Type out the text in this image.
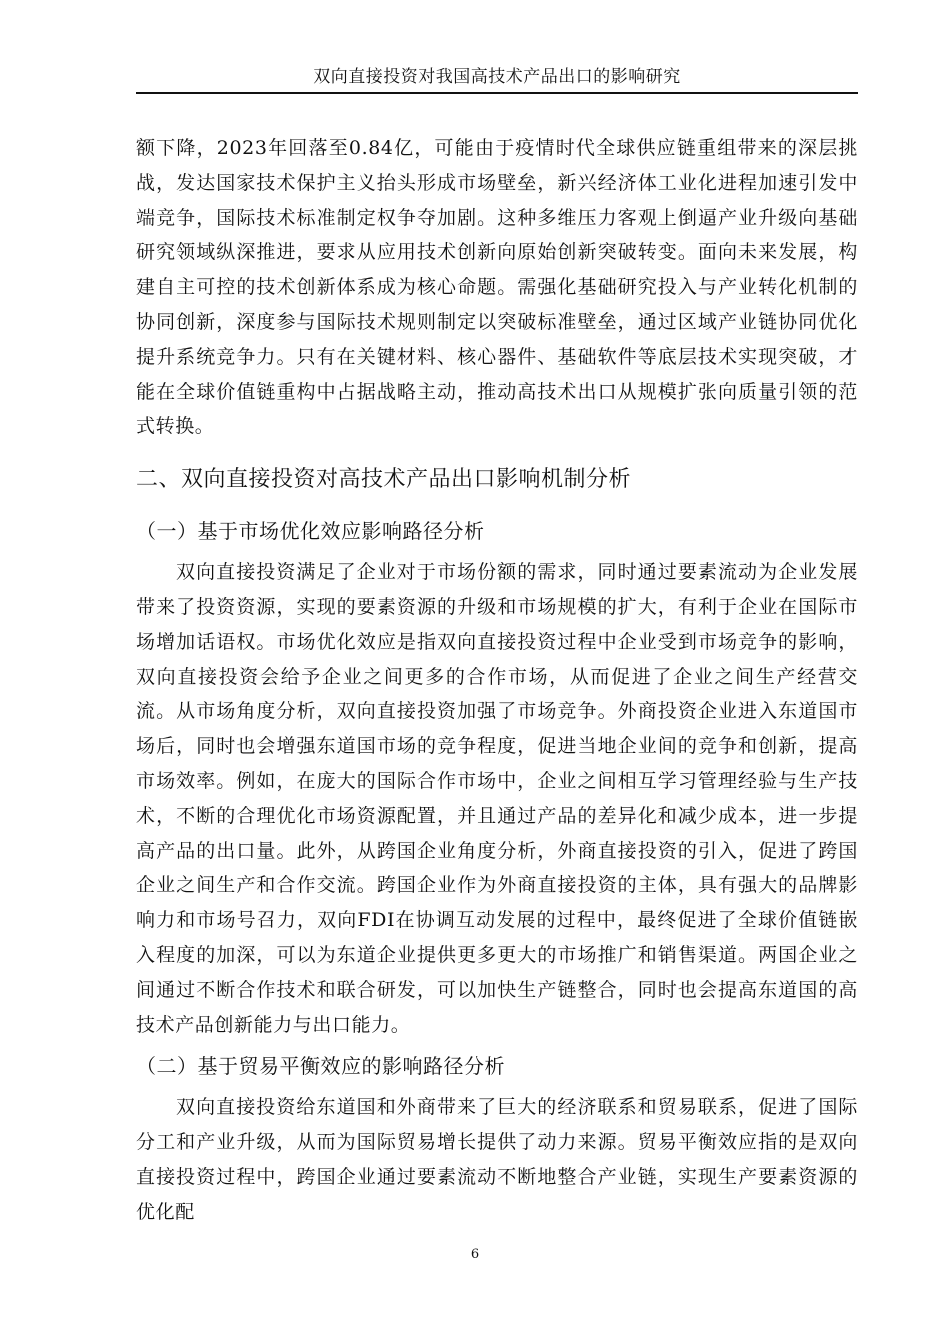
双向直接投资对我国高技术产品出口的影响研究

额下降，2023年回落至0.84亿，可能由于疫情时代全球供应链重组带来的深层挑战，发达国家技术保护主义抬头形成市场壁垒，新兴经济体工业化进程加速引发中端竞争，国际技术标准制定权争夺加剧。这种多维压力客观上倒逼产业升级向基础研究领域纵深推进，要求从应用技术创新向原始创新突破转变。面向未来发展，构建自主可控的技术创新体系成为核心命题。需强化基础研究投入与产业转化机制的协同创新，深度参与国际技术规则制定以突破标准壁垒，通过区域产业链协同优化提升系统竞争力。只有在关键材料、核心器件、基础软件等底层技术实现突破，才能在全球价值链重构中占据战略主动，推动高技术出口从规模扩张向质量引领的范式转换。

二、双向直接投资对高技术产品出口影响机制分析
（一）基于市场优化效应影响路径分析

双向直接投资满足了企业对于市场份额的需求，同时通过要素流动为企业发展带来了投资资源，实现的要素资源的升级和市场规模的扩大，有利于企业在国际市场增加话语权。市场优化效应是指双向直接投资过程中企业受到市场竞争的影响，双向直接投资会给予企业之间更多的合作市场，从而促进了企业之间生产经营交流。从市场角度分析，双向直接投资加强了市场竞争。外商投资企业进入东道国市场后，同时也会增强东道国市场的竞争程度，促进当地企业间的竞争和创新，提高市场效率。例如，在庞大的国际合作市场中，企业之间相互学习管理经验与生产技术，不断的合理优化市场资源配置，并且通过产品的差异化和减少成本，进一步提高产品的出口量。此外，从跨国企业角度分析，外商直接投资的引入，促进了跨国企业之间生产和合作交流。跨国企业作为外商直接投资的主体，具有强大的品牌影响力和市场号召力，双向FDI在协调互动发展的过程中，最终促进了全球价值链嵌入程度的加深，可以为东道企业提供更多更大的市场推广和销售渠道。两国企业之间通过不断合作技术和联合研发，可以加快生产链整合，同时也会提高东道国的高技术产品创新能力与出口能力。

（二）基于贸易平衡效应的影响路径分析

双向直接投资给东道国和外商带来了巨大的经济联系和贸易联系，促进了国际分工和产业升级，从而为国际贸易增长提供了动力来源。贸易平衡效应指的是双向直接投资过程中，跨国企业通过要素流动不断地整合产业链，实现生产要素资源的优化配

6
